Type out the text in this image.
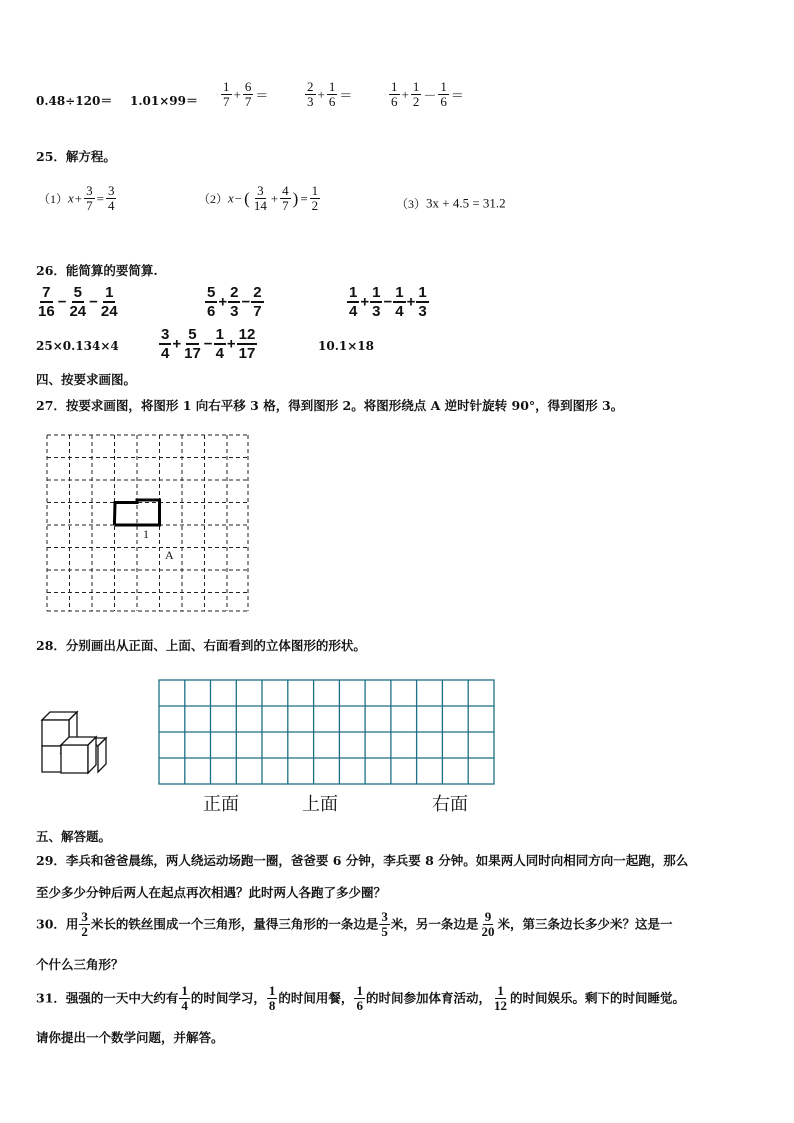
$0.48\div 120= 1.01\times 99= \frac{1}{7} + \frac{6}{7}$ ＝	$\frac{2}{3} + \frac{1}{6}$ ＝	$\frac{1}{6} + \frac{1}{2} - \frac{1}{6}$ ＝
25．解方程。
$(1)x+ \frac{3}{7} = \frac{3}{4}$	（2）x− ( $\frac{3}{14} + \frac{4}{7}$ ) = $\frac{1}{2}$	（3）3x + 4.5 = 31.2
26．能简算的要简算.
$\frac{7}{16} - \frac{5}{24} - \frac{1}{24}$	$\frac{5}{6} + \frac{2}{3} - \frac{2}{7}$	$\frac{1}{4} + \frac{1}{3} - \frac{1}{4} + \frac{1}{3}$
25×0.134×4	$\frac{3}{4} + \frac{5}{17} - \frac{1}{4} + \frac{12}{17}$	10.1×18
四、按要求画图。
27．按要求画图，将图形 1 向右平移 3 格，得到图形 2。将图形绕点 A 逆时针旋转 90°，得到图形 3。
1
A
28．分别画出从正面、上面、右面看到的立体图形的形状。
正面	上面	右面
五、解答题。
29．李兵和爸爸晨练，两人绕运动场跑一圈，爸爸要 6 分钟，李兵要 8 分钟。如果两人同时向相同方向一起跑，那么
至少多少分钟后两人在起点再次相遇？此时两人各跑了多少圈？
30．用 $\frac{3}{2}$ 米长的铁丝围成一个三角形，量得三角形的一条边是 $\frac{3}{5}$ 米，另一条边是 $\frac{9}{20}$ 米，第三条边长多少米？这是一
个什么三角形？
31．强强的一天中大约有 $\frac{1}{4}$ 的时间学习， $\frac{1}{8}$ 的时间用餐， $\frac{1}{6}$ 的时间参加体育活动， $\frac{1}{12}$ 的时间娱乐。剩下的时间睡觉。
请你提出一个数学问题，并解答。
